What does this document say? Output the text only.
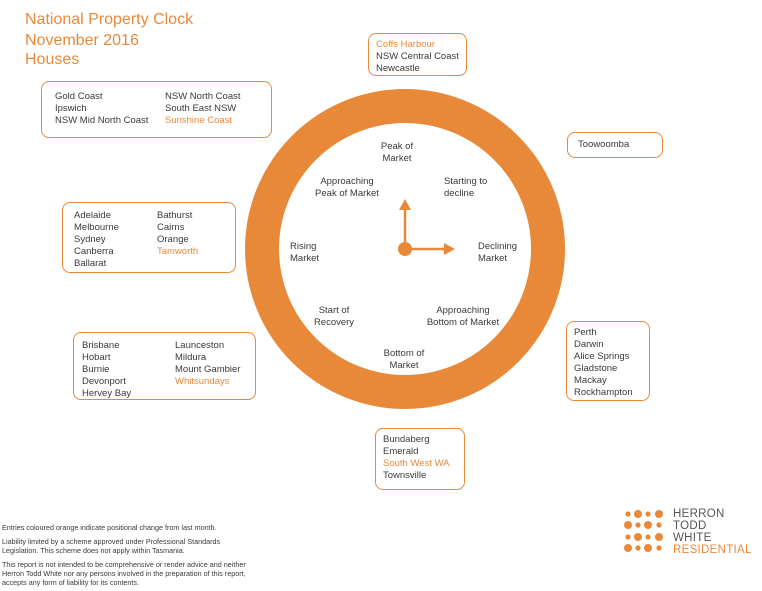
National Property Clock
November 2016
Houses
Peak of
Market
Starting to
decline
Declining
Market
Approaching
Bottom of Market
Bottom of
Market
Start of
Recovery
Rising
Market
Approaching
Peak of Market
Coffs Harbour
NSW Central Coast
Newcastle
Gold Coast
Ipswich
NSW Mid North Coast
NSW North Coast
South East NSW
Sunshine Coast
Toowoomba
Adelaide
Melbourne
Sydney
Canberra
Ballarat
Bathurst
Cairns
Orange
Tamworth
Brisbane
Hobart
Burnie
Devonport
Hervey Bay
Launceston
Mildura
Mount Gambier
Whitsundays
Perth
Darwin
Alice Springs
Gladstone
Mackay
Rockhampton
Bundaberg
Emerald
South West WA
Townsville
Entries coloured orange indicate positional change from last month.
Liability limited by a scheme approved under Professional Standards
Legislation. This scheme does not apply within Tasmania.
This report is not intended to be comprehensive or render advice and neither
Herron Todd White nor any persons involved in the preparation of this report,
accepts any form of liability for its contents.
HERRON
TODD
WHITE
RESIDENTIAL
